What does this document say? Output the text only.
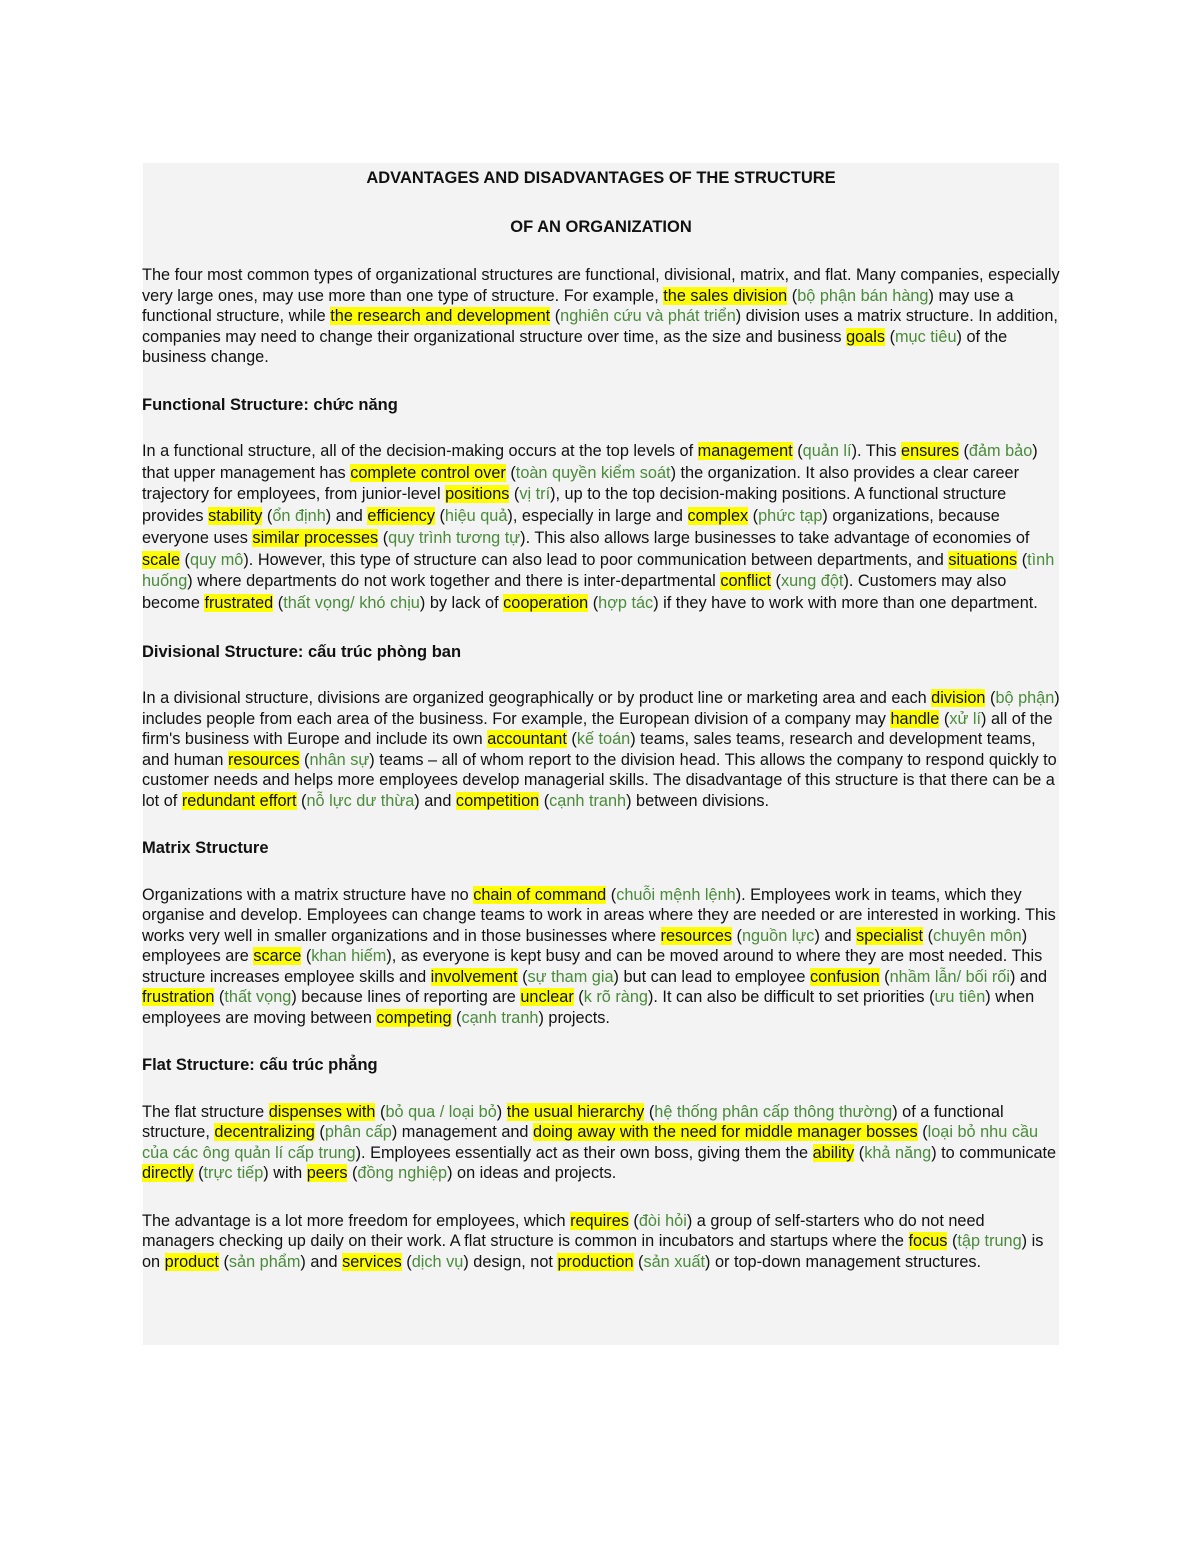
ADVANTAGES AND DISADVANTAGES OF THE STRUCTURE
OF AN ORGANIZATION

The four most common types of organizational structures are functional, divisional, matrix, and flat. Many companies, especially very large ones, may use more than one type of structure. For example, the sales division (bộ phận bán hàng) may use a functional structure, while the research and development (nghiên cứu và phát triển) division uses a matrix structure. In addition, companies may need to change their organizational structure over time, as the size and business goals (mục tiêu) of the business change.

Functional Structure: chức năng

In a functional structure, all of the decision-making occurs at the top levels of management (quản lí). This ensures (đảm bảo) that upper management has complete control over (toàn quyền kiểm soát) the organization. It also provides a clear career trajectory for employees, from junior-level positions (vị trí), up to the top decision-making positions. A functional structure provides stability (ổn định) and efficiency (hiệu quả), especially in large and complex (phức tạp) organizations, because everyone uses similar processes (quy trình tương tự). This also allows large businesses to take advantage of economies of scale (quy mô). However, this type of structure can also lead to poor communication between departments, and situations (tình huống) where departments do not work together and there is inter-departmental conflict (xung đột). Customers may also become frustrated (thất vọng/ khó chịu) by lack of cooperation (hợp tác) if they have to work with more than one department.

Divisional Structure: cấu trúc phòng ban

In a divisional structure, divisions are organized geographically or by product line or marketing area and each division (bộ phận) includes people from each area of the business. For example, the European division of a company may handle (xử lí) all of the firm's business with Europe and include its own accountant (kế toán) teams, sales teams, research and development teams, and human resources (nhân sự) teams – all of whom report to the division head. This allows the company to respond quickly to customer needs and helps more employees develop managerial skills. The disadvantage of this structure is that there can be a lot of redundant effort (nỗ lực dư thừa) and competition (cạnh tranh) between divisions.

Matrix Structure

Organizations with a matrix structure have no chain of command (chuỗi mệnh lệnh). Employees work in teams, which they organise and develop. Employees can change teams to work in areas where they are needed or are interested in working. This works very well in smaller organizations and in those businesses where resources (nguồn lực) and specialist (chuyên môn) employees are scarce (khan hiếm), as everyone is kept busy and can be moved around to where they are most needed. This structure increases employee skills and involvement (sự tham gia) but can lead to employee confusion (nhầm lẫn/ bối rối) and frustration (thất vọng) because lines of reporting are unclear (k rõ ràng). It can also be difficult to set priorities (ưu tiên) when employees are moving between competing (cạnh tranh) projects.

Flat Structure: cấu trúc phẳng

The flat structure dispenses with (bỏ qua / loại bỏ) the usual hierarchy (hệ thống phân cấp thông thường) of a functional structure, decentralizing (phân cấp) management and doing away with the need for middle manager bosses (loại bỏ nhu cầu của các ông quản lí cấp trung). Employees essentially act as their own boss, giving them the ability (khả năng) to communicate directly (trực tiếp) with peers (đồng nghiệp) on ideas and projects.

The advantage is a lot more freedom for employees, which requires (đòi hỏi) a group of self-starters who do not need managers checking up daily on their work. A flat structure is common in incubators and startups where the focus (tập trung) is on product (sản phẩm) and services (dịch vụ) design, not production (sản xuất) or top-down management structures.
